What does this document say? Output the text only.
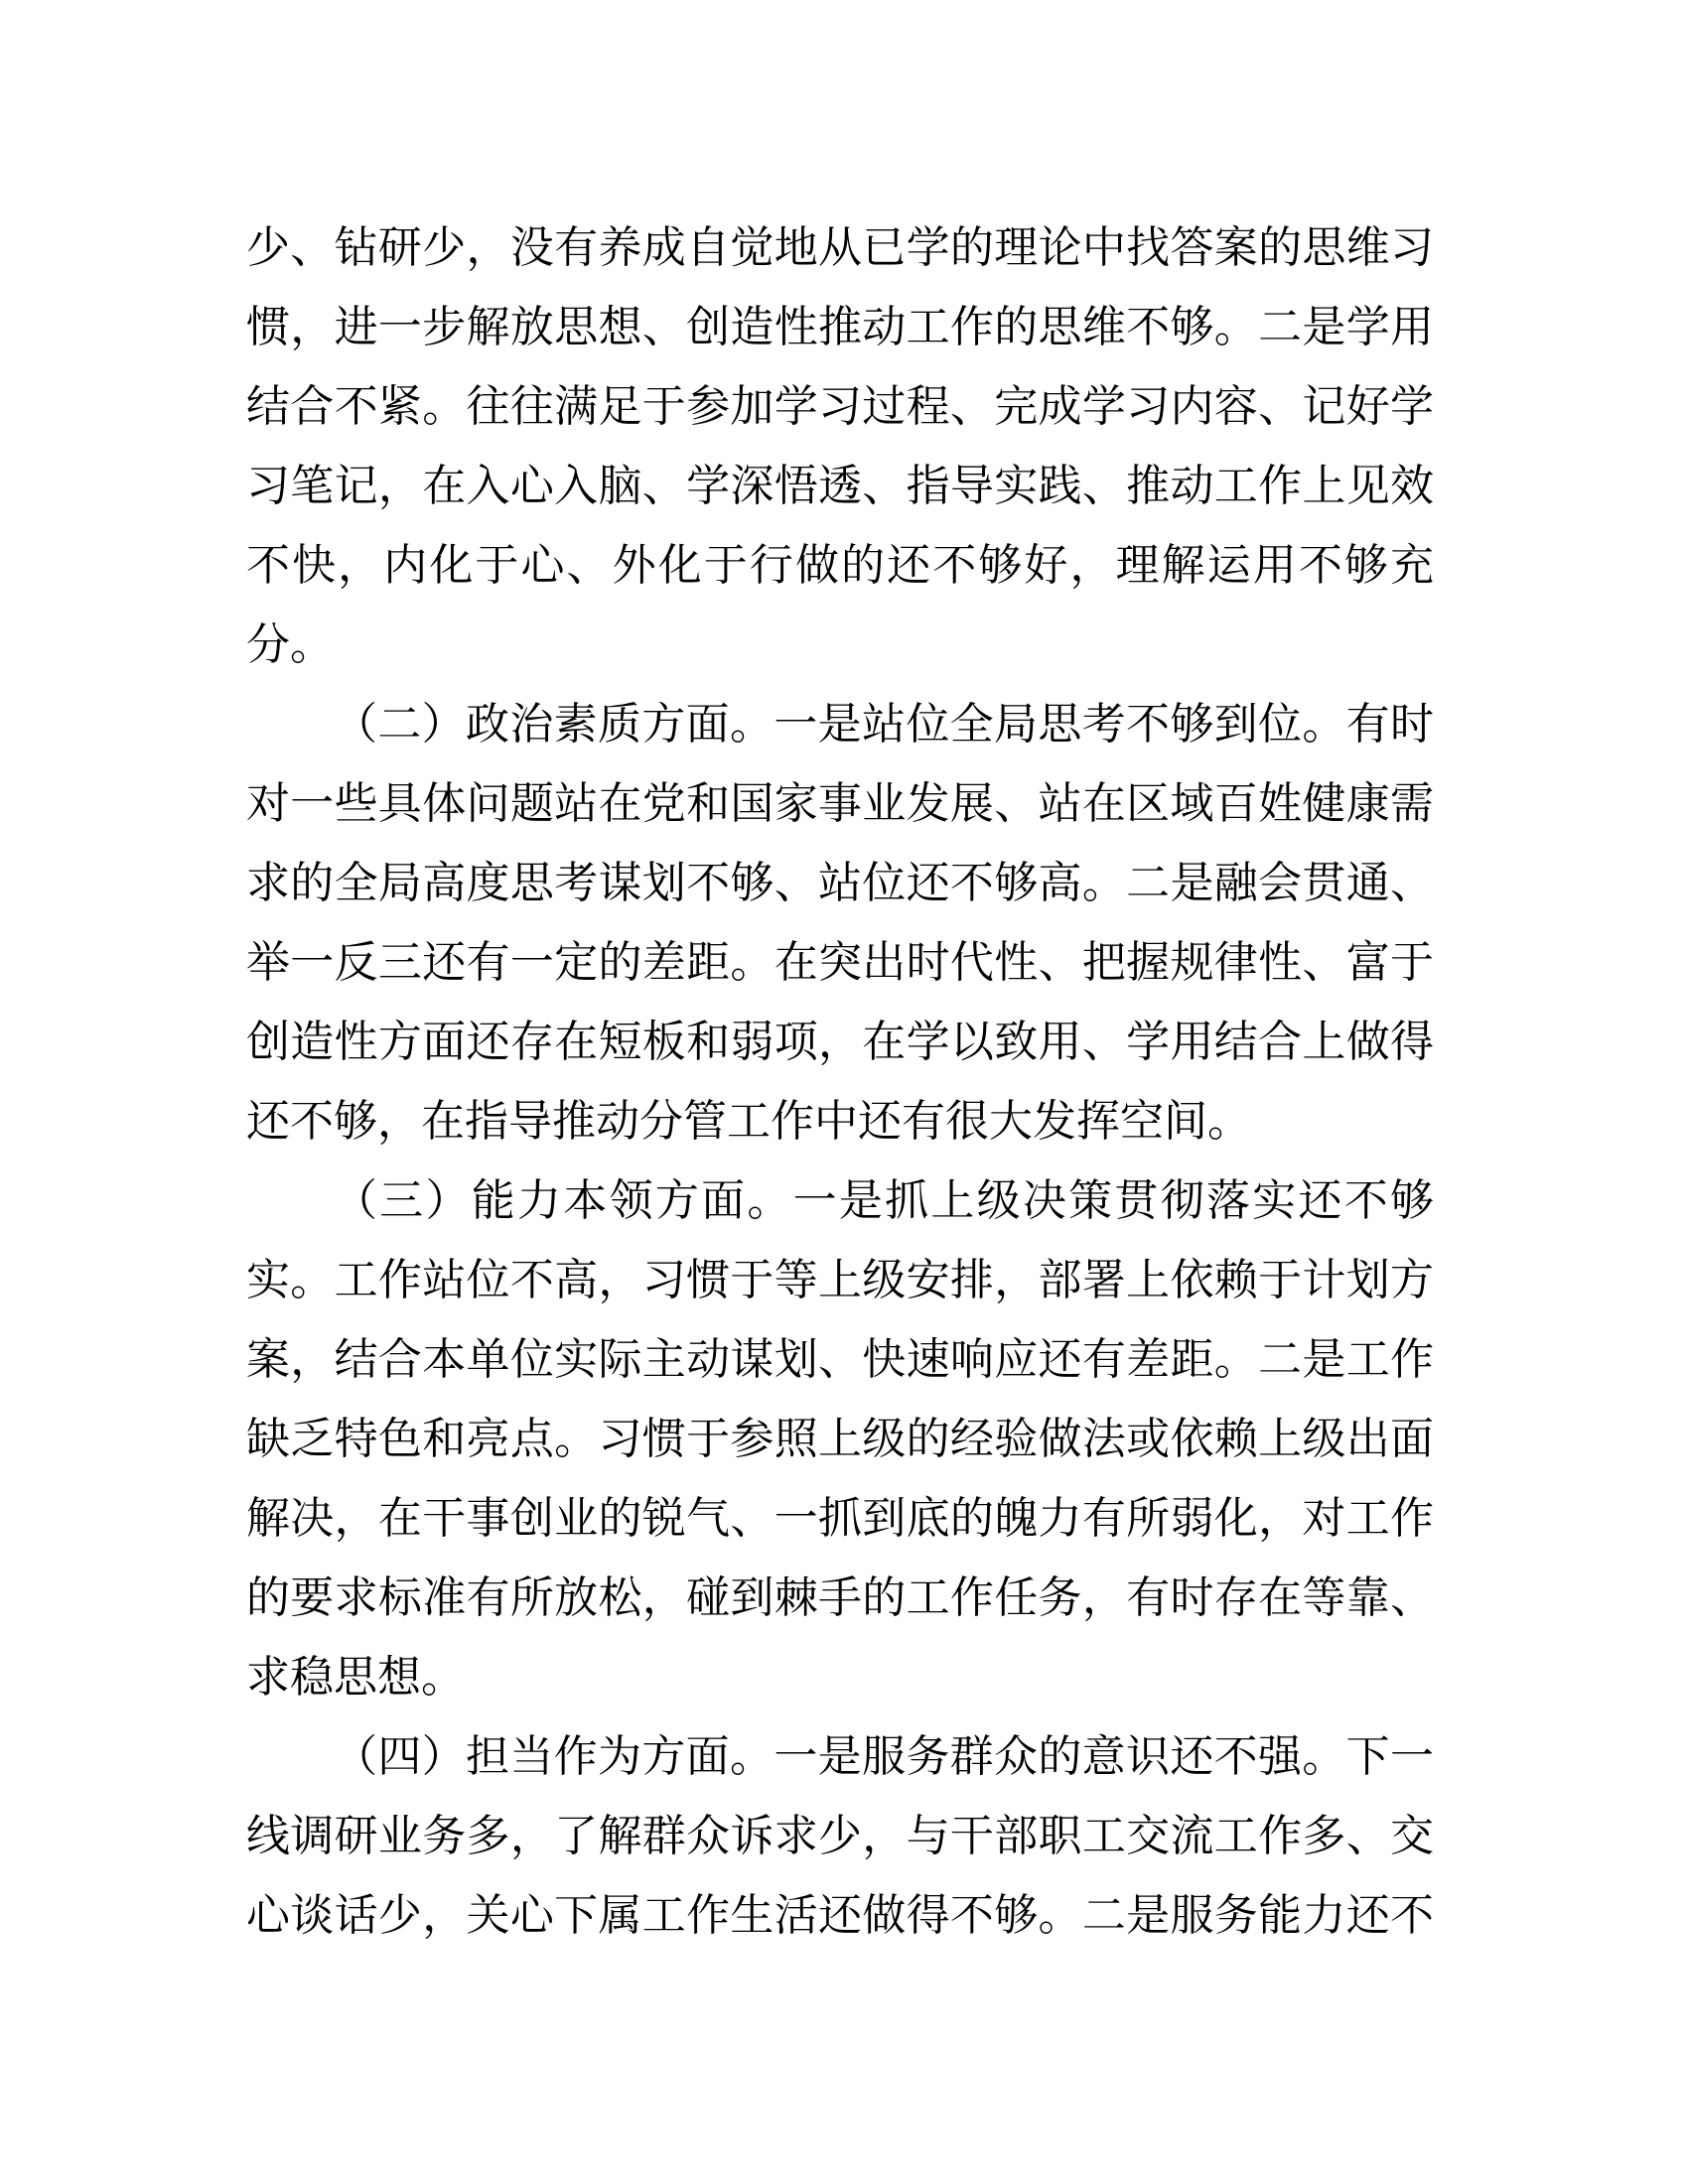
少、钻研少，没有养成自觉地从已学的理论中找答案的思维习
惯，进一步解放思想、创造性推动工作的思维不够。二是学用
结合不紧。往往满足于参加学习过程、完成学习内容、记好学
习笔记，在入心入脑、学深悟透、指导实践、推动工作上见效
不快，内化于心、外化于行做的还不够好，理解运用不够充
分。

（二）政治素质方面。一是站位全局思考不够到位。有时
对一些具体问题站在党和国家事业发展、站在区域百姓健康需
求的全局高度思考谋划不够、站位还不够高。二是融会贯通、
举一反三还有一定的差距。在突出时代性、把握规律性、富于
创造性方面还存在短板和弱项，在学以致用、学用结合上做得
还不够，在指导推动分管工作中还有很大发挥空间。

（三）能力本领方面。一是抓上级决策贯彻落实还不够
实。工作站位不高，习惯于等上级安排，部署上依赖于计划方
案，结合本单位实际主动谋划、快速响应还有差距。二是工作
缺乏特色和亮点。习惯于参照上级的经验做法或依赖上级出面
解决，在干事创业的锐气、一抓到底的魄力有所弱化，对工作
的要求标准有所放松，碰到棘手的工作任务，有时存在等靠、
求稳思想。

（四）担当作为方面。一是服务群众的意识还不强。下一
线调研业务多，了解群众诉求少，与干部职工交流工作多、交
心谈话少，关心下属工作生活还做得不够。二是服务能力还不
